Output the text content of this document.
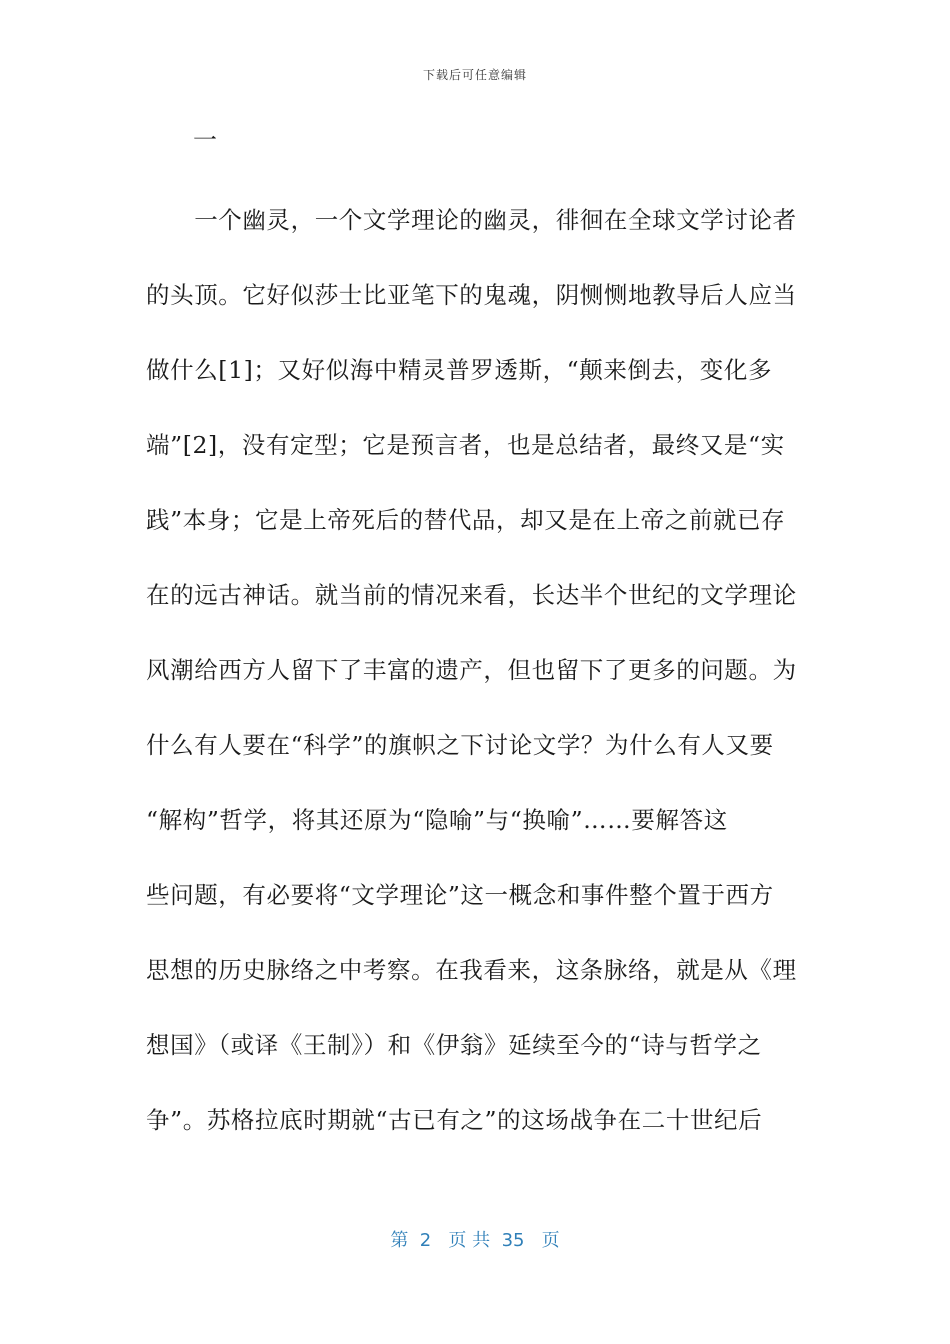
下载后可任意编辑
一
　　一个幽灵，一个文学理论的幽灵，徘徊在全球文学讨论者
的头顶。它好似莎士比亚笔下的鬼魂，阴恻恻地教导后人应当
做什么[1]；又好似海中精灵普罗透斯，“颠来倒去，变化多
端”[2]，没有定型；它是预言者，也是总结者，最终又是“实
践”本身；它是上帝死后的替代品，却又是在上帝之前就已存
在的远古神话。就当前的情况来看，长达半个世纪的文学理论
风潮给西方人留下了丰富的遗产，但也留下了更多的问题。为
什么有人要在“科学”的旗帜之下讨论文学？为什么有人又要
“解构”哲学，将其还原为“隐喻”与“换喻”……要解答这
些问题，有必要将“文学理论”这一概念和事件整个置于西方
思想的历史脉络之中考察。在我看来，这条脉络，就是从《理
想国》（或译《王制》）和《伊翁》延续至今的“诗与哲学之
争”。苏格拉底时期就“古已有之”的这场战争在二十世纪后
第  2   页 共  35   页
